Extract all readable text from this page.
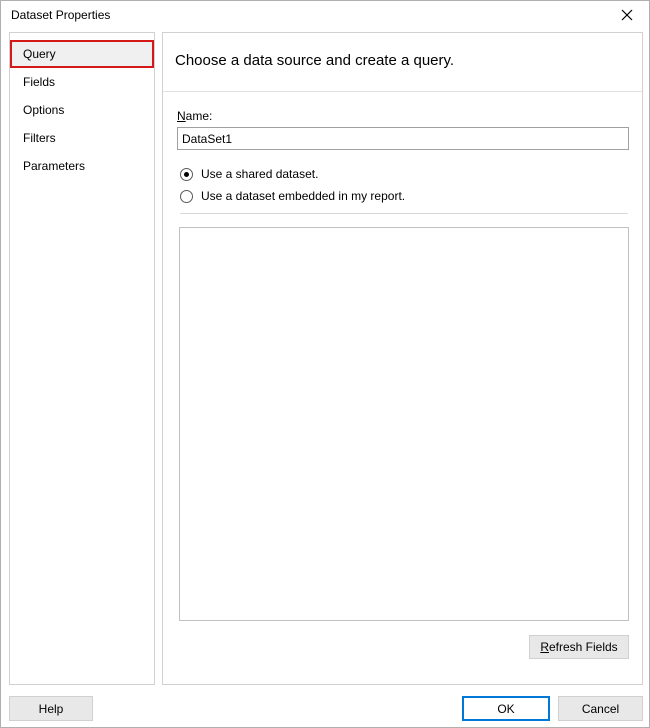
Dataset Properties
Query
Fields
Options
Filters
Parameters
Choose a data source and create a query.
Name:
DataSet1
Use a shared dataset.
Use a dataset embedded in my report.
R efresh Fields
Help	OK	Cancel
